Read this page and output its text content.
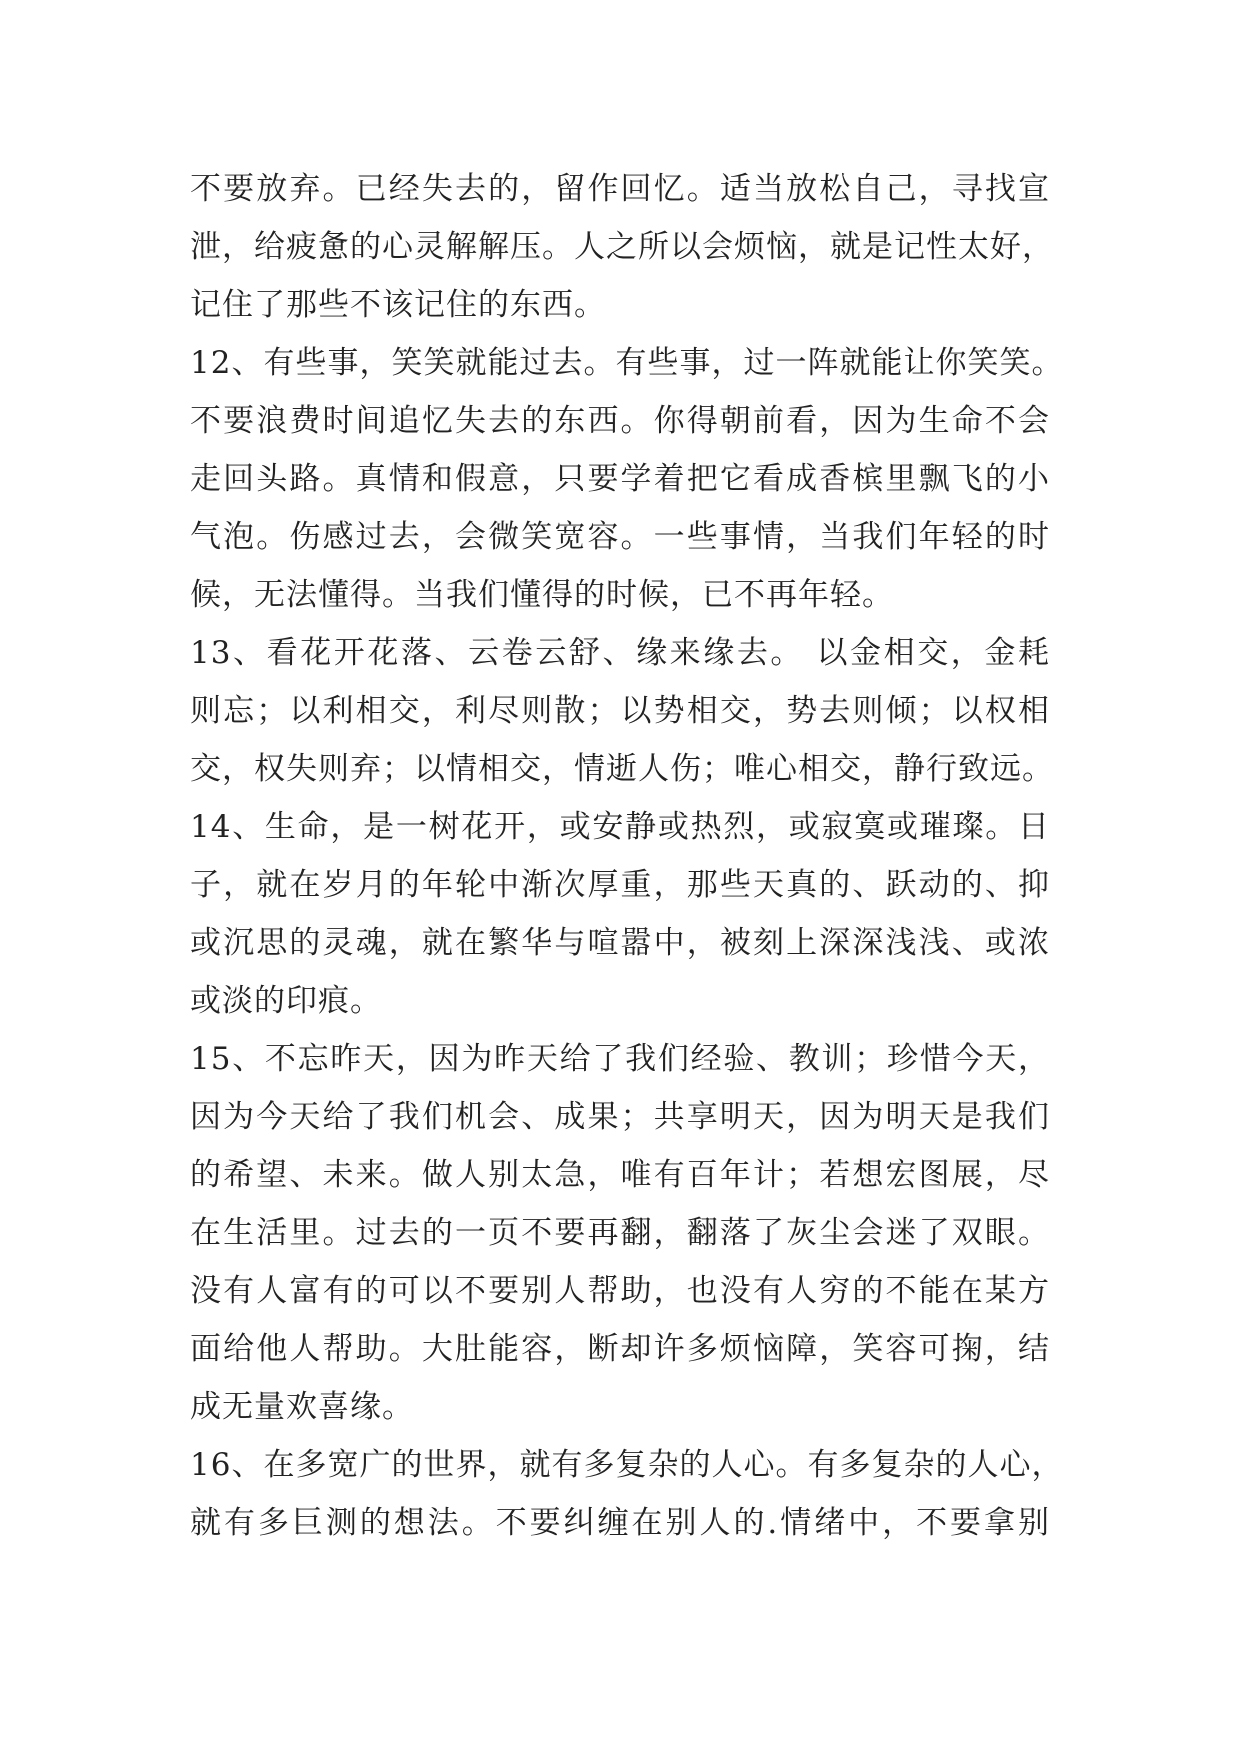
不要放弃。已经失去的，留作回忆。适当放松自己，寻找宣
泄，给疲惫的心灵解解压。人之所以会烦恼，就是记性太好，
记住了那些不该记住的东西。
12、有些事，笑笑就能过去。有些事，过一阵就能让你笑笑。
不要浪费时间追忆失去的东西。你得朝前看，因为生命不会
走回头路。真情和假意，只要学着把它看成香槟里飘飞的小
气泡。伤感过去，会微笑宽容。一些事情，当我们年轻的时
候，无法懂得。当我们懂得的时候，已不再年轻。
13、看花开花落、云卷云舒、缘来缘去。 以金相交，金耗
则忘；以利相交，利尽则散；以势相交，势去则倾；以权相
交，权失则弃；以情相交，情逝人伤；唯心相交，静行致远。
14、生命，是一树花开，或安静或热烈，或寂寞或璀璨。日
子，就在岁月的年轮中渐次厚重，那些天真的、跃动的、抑
或沉思的灵魂，就在繁华与喧嚣中，被刻上深深浅浅、或浓
或淡的印痕。
15、不忘昨天，因为昨天给了我们经验、教训；珍惜今天，
因为今天给了我们机会、成果；共享明天，因为明天是我们
的希望、未来。做人别太急，唯有百年计；若想宏图展，尽
在生活里。过去的一页不要再翻，翻落了灰尘会迷了双眼。
没有人富有的可以不要别人帮助，也没有人穷的不能在某方
面给他人帮助。大肚能容，断却许多烦恼障，笑容可掬，结
成无量欢喜缘。
16、在多宽广的世界，就有多复杂的人心。有多复杂的人心，
就有多巨测的想法。不要纠缠在别人的.情绪中，不要拿别
